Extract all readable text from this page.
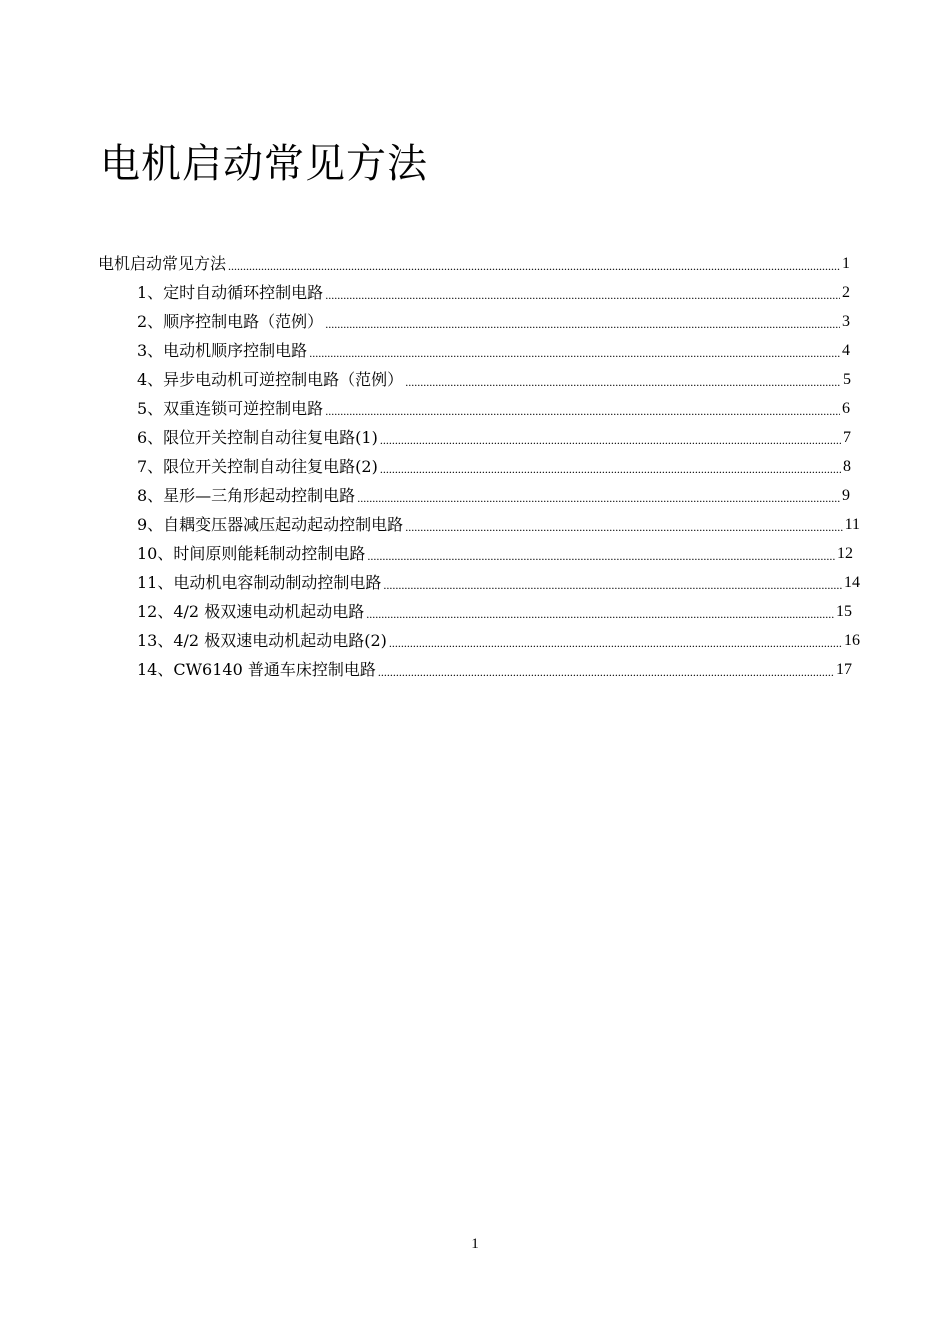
电机启动常见方法
电机启动常见方法 .....	1
1、定时自动循环控制电路 .....	2
2、顺序控制电路（范例） .....	3
3、电动机顺序控制电路 .....	4
4、异步电动机可逆控制电路（范例） .....	5
5、双重连锁可逆控制电路 .....	6
6、限位开关控制自动往复电路(1) .....	7
7、限位开关控制自动往复电路(2) .....	8
8、星形—三角形起动控制电路 .....	9
9、自耦变压器减压起动起动控制电路 .....	11
10、时间原则能耗制动控制电路 .....	12
11、电动机电容制动制动控制电路 .....	14
12、4/2 极双速电动机起动电路 .....	15
13、4/2 极双速电动机起动电路(2) .....	16
14、CW6140 普通车床控制电路 .....	17
1
